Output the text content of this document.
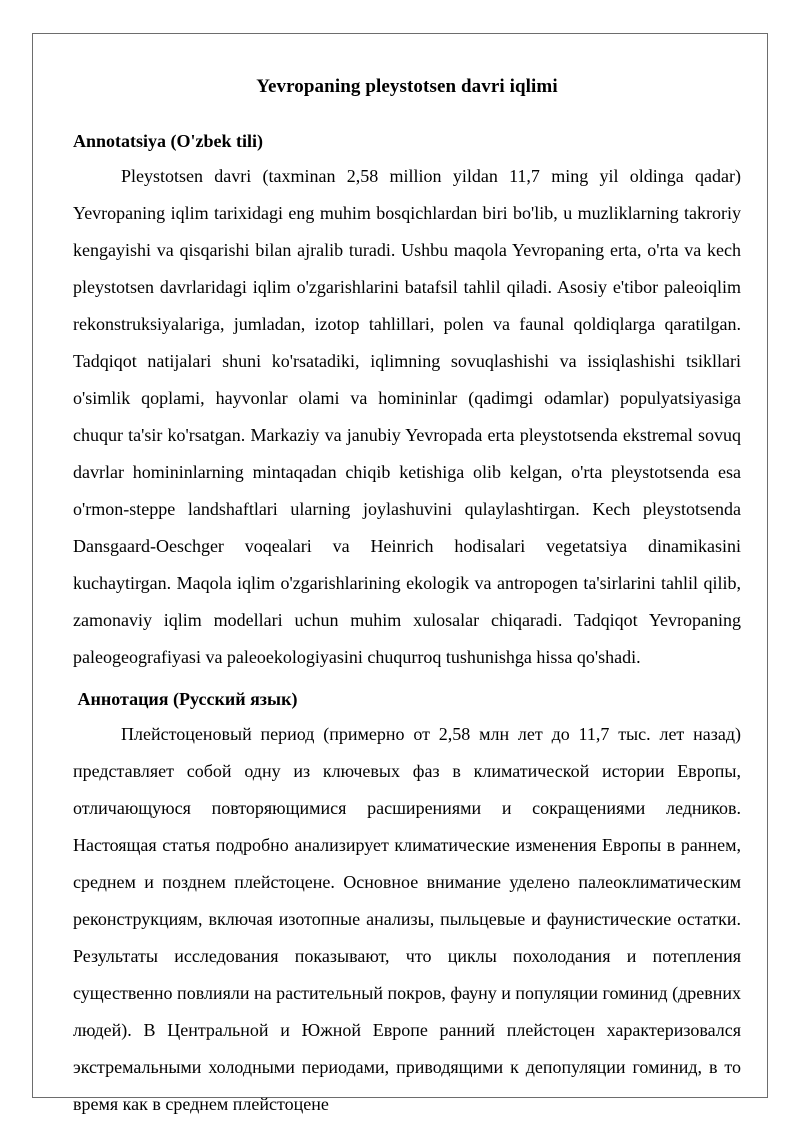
Yevropaning pleystotsen davri iqlimi
Annotatsiya (O'zbek tili)

Pleystotsen davri (taxminan 2,58 million yildan 11,7 ming yil oldinga qadar) Yevropaning iqlim tarixidagi eng muhim bosqichlardan biri bo'lib, u muzliklarning takroriy kengayishi va qisqarishi bilan ajralib turadi. Ushbu maqola Yevropaning erta, o'rta va kech pleystotsen davrlaridagi iqlim o'zgarishlarini batafsil tahlil qiladi. Asosiy e'tibor paleoiqlim rekonstruksiyalariga, jumladan, izotop tahlillari, polen va faunal qoldiqlarga qaratilgan. Tadqiqot natijalari shuni ko'rsatadiki, iqlimning sovuqlashishi va issiqlashishi tsikllari o'simlik qoplami, hayvonlar olami va homininlar (qadimgi odamlar) populyatsiyasiga chuqur ta'sir ko'rsatgan. Markaziy va janubiy Yevropada erta pleystotsenda ekstremal sovuq davrlar homininlarning mintaqadan chiqib ketishiga olib kelgan, o'rta pleystotsenda esa o'rmon-steppe landshaftlari ularning joylashuvini qulaylashtirgan. Kech pleystotsenda Dansgaard-Oeschger voqealari va Heinrich hodisalari vegetatsiya dinamikasini kuchaytirgan. Maqola iqlim o'zgarishlarining ekologik va antropogen ta'sirlarini tahlil qilib, zamonaviy iqlim modellari uchun muhim xulosalar chiqaradi. Tadqiqot Yevropaning paleogeografiyasi va paleoekologiyasini chuqurroq tushunishga hissa qo'shadi.

Аннотация (Русский язык)

Плейстоценовый период (примерно от 2,58 млн лет до 11,7 тыс. лет назад) представляет собой одну из ключевых фаз в климатической истории Европы, отличающуюся повторяющимися расширениями и сокращениями ледников. Настоящая статья подробно анализирует климатические изменения Европы в раннем, среднем и позднем плейстоцене. Основное внимание уделено палеоклиматическим реконструкциям, включая изотопные анализы, пыльцевые и фаунистические остатки. Результаты исследования показывают, что циклы похолодания и потепления существенно повлияли на растительный покров, фауну и популяции гоминид (древних людей). В Центральной и Южной Европе ранний плейстоцен характеризовался экстремальными холодными периодами, приводящими к депопуляции гоминид, в то время как в среднем плейстоцене
